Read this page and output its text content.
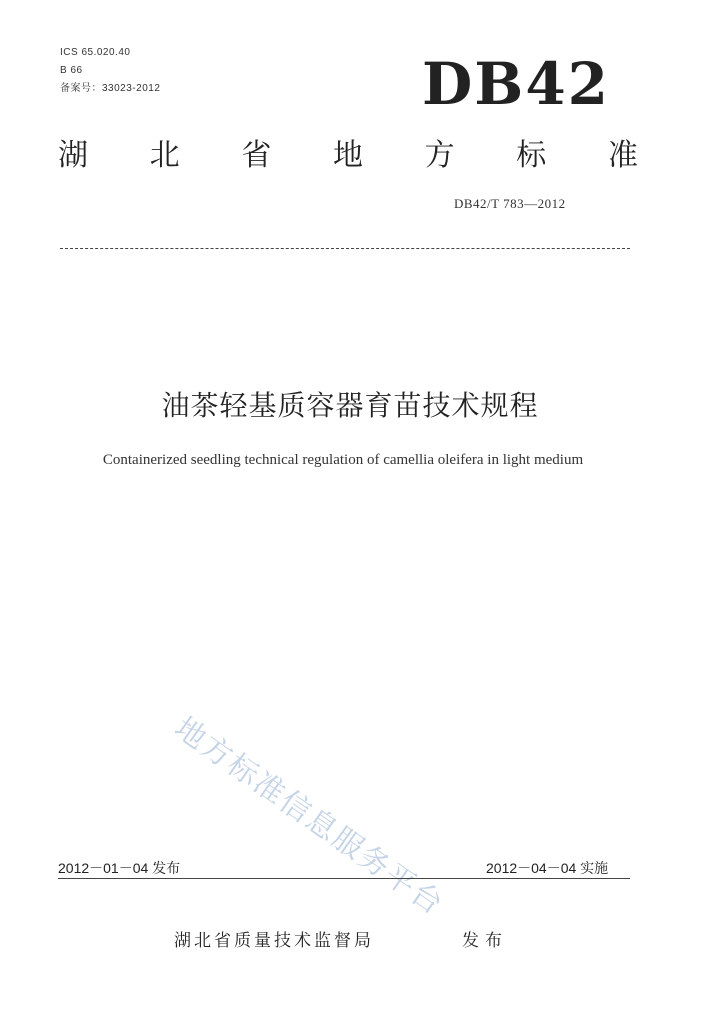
ICS 65.020.40
B 66
备案号：33023-2012	DB42
湖 北 省 地 方 标 准
DB42/T 783—2012
油茶轻基质容器育苗技术规程
Containerized seedling technical regulation of camellia oleifera in light medium
地方标准信息服务平台
2012－01－04 发布	2012－04－04 实施
湖北省质量技术监督局	发布
